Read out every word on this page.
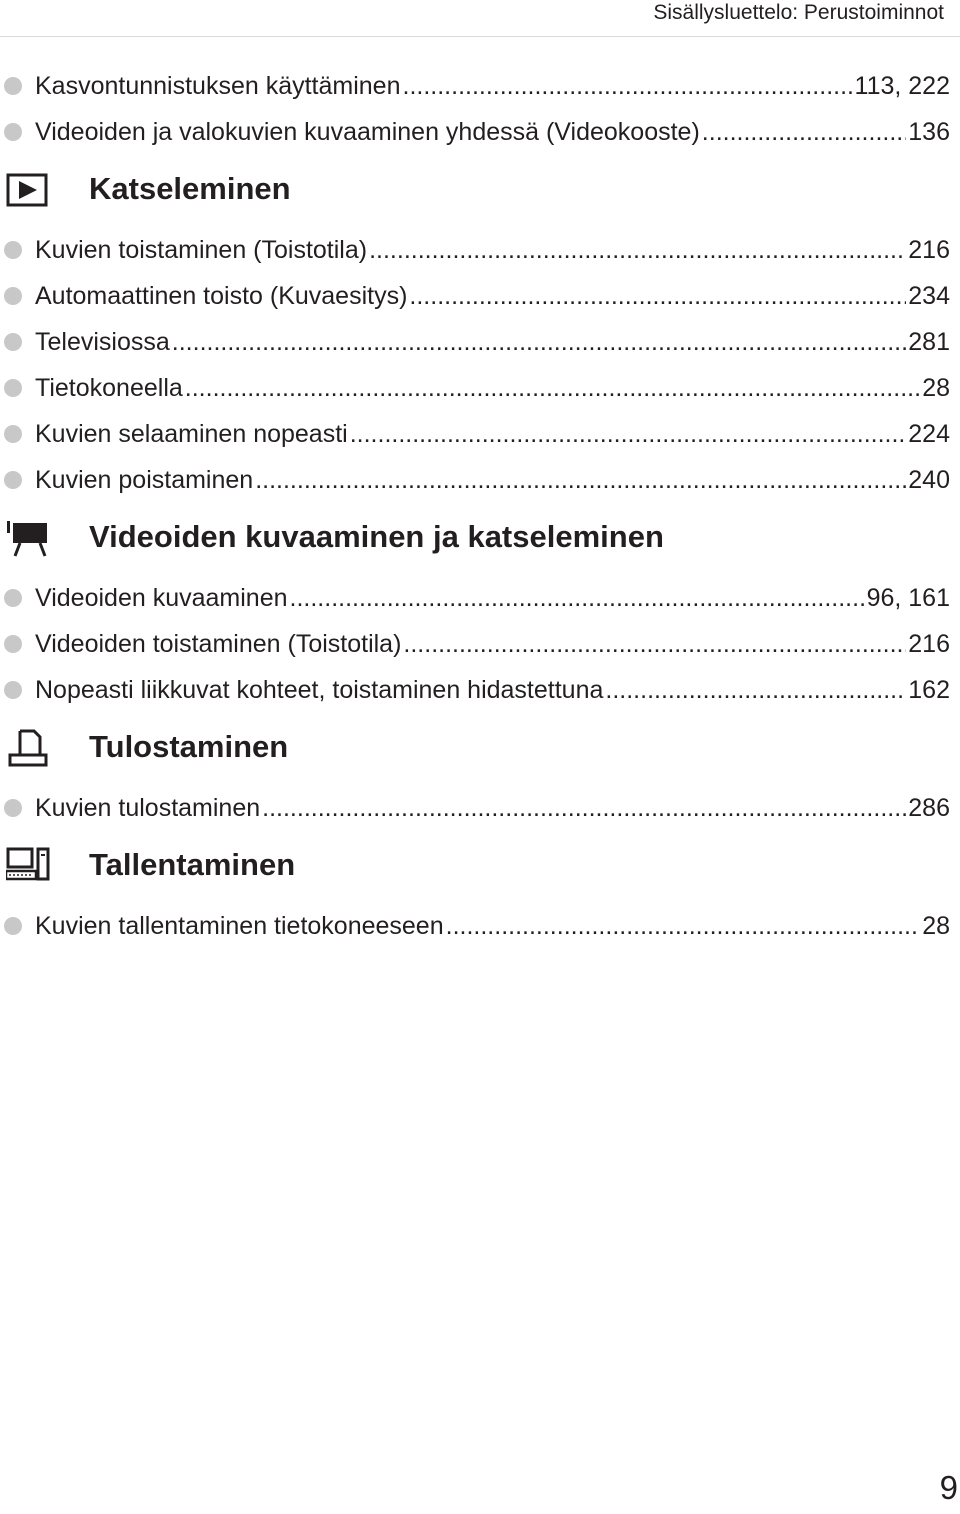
Sisällysluettelo: Perustoiminnot
Kasvontunnistuksen käyttäminen .....	113, 222
Videoiden ja valokuvien kuvaaminen yhdessä (Videokooste) .....	136
Katseleminen
Kuvien toistaminen (Toistotila) .....	216
Automaattinen toisto (Kuvaesitys) .....	234
Televisiossa .....	281
Tietokoneella .....	28
Kuvien selaaminen nopeasti .....	224
Kuvien poistaminen .....	240
Videoiden kuvaaminen ja katseleminen
Videoiden kuvaaminen .....	96, 161
Videoiden toistaminen (Toistotila) .....	216
Nopeasti liikkuvat kohteet, toistaminen hidastettuna .....	162
Tulostaminen
Kuvien tulostaminen .....	286
Tallentaminen
Kuvien tallentaminen tietokoneeseen .....	28
9
